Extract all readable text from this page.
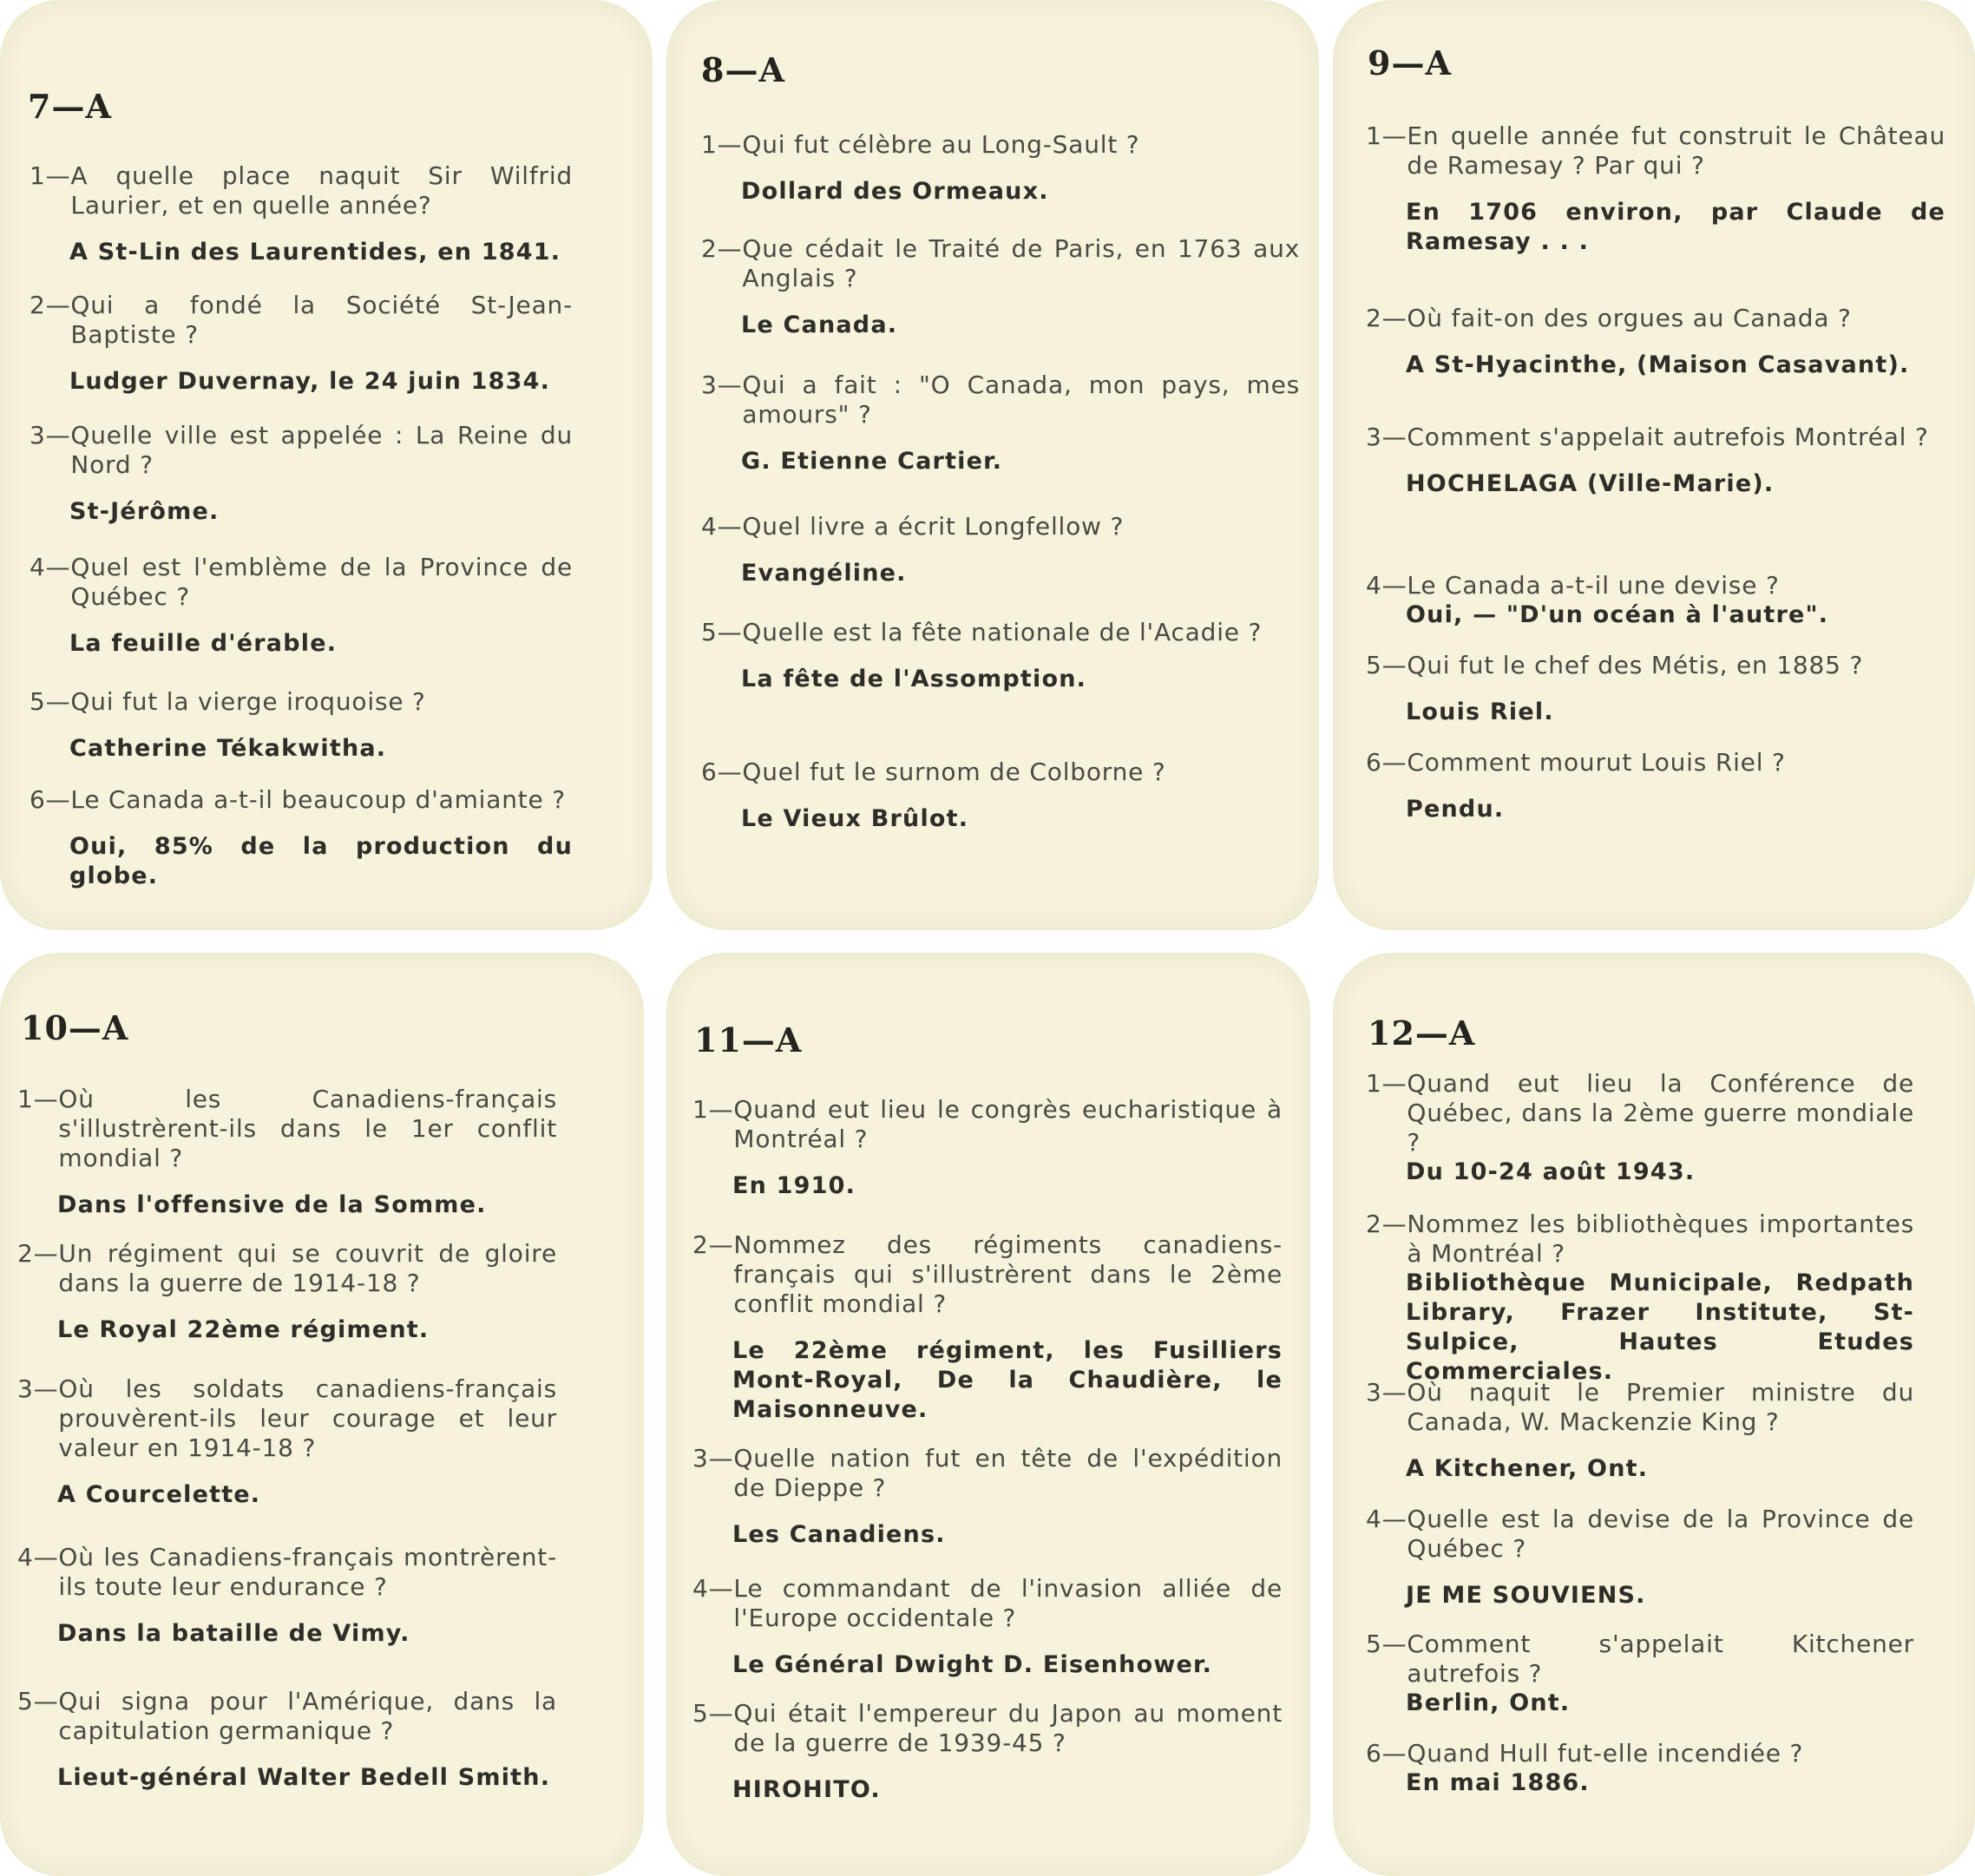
7—A
1— A quelle place naquit Sir Wilfrid Laurier, et en quelle année?
A St-Lin des Laurentides, en 1841.
2— Qui a fondé la Société St-Jean- Baptiste ?
Ludger Duvernay, le 24 juin 1834.
3— Quelle ville est appelée : La Reine du Nord ?
St-Jérôme.
4— Quel est l'emblème de la Province de Québec ?
La feuille d'érable.
5— Qui fut la vierge iroquoise ?
Catherine Tékakwitha.
6— Le Canada a-t-il beaucoup d'amiante ?
Oui, 85% de la production du globe.
8—A
1— Qui fut célèbre au Long-Sault ?
Dollard des Ormeaux.
2— Que cédait le Traité de Paris, en 1763 aux Anglais ?
Le Canada.
3— Qui a fait : "O Canada, mon pays, mes amours" ?
G. Etienne Cartier.
4— Quel livre a écrit Longfellow ?
Evangéline.
5— Quelle est la fête nationale de l'Acadie ?
La fête de l'Assomption.
6— Quel fut le surnom de Colborne ?
Le Vieux Brûlot.
9—A
1— En quelle année fut construit le Château de Ramesay ? Par qui ?
En 1706 environ, par Claude de Ramesay . . .
2— Où fait-on des orgues au Canada ?
A St-Hyacinthe, (Maison Casavant).
3— Comment s'appelait autrefois Montréal ?
HOCHELAGA (Ville-Marie).
4— Le Canada a-t-il une devise ?
Oui, — "D'un océan à l'autre".
5— Qui fut le chef des Métis, en 1885 ?
Louis Riel.
6— Comment mourut Louis Riel ?
Pendu.
10—A
1— Où les Canadiens-français s'illustrèrent-ils dans le 1er conflit mondial ?
Dans l'offensive de la Somme.
2— Un régiment qui se couvrit de gloire dans la guerre de 1914-18 ?
Le Royal 22ème régiment.
3— Où les soldats canadiens-français prouvèrent-ils leur courage et leur valeur en 1914-18 ?
A Courcelette.
4— Où les Canadiens-français montrèrent-ils toute leur endurance ?
Dans la bataille de Vimy.
5— Qui signa pour l'Amérique, dans la capitulation germanique ?
Lieut-général Walter Bedell Smith.
11—A
1— Quand eut lieu le congrès eucharistique à Montréal ?
En 1910.
2— Nommez des régiments canadiens-français qui s'illustrèrent dans le 2ème conflit mondial ?
Le 22ème régiment, les Fusilliers Mont-Royal, De la Chaudière, le Maisonneuve.
3— Quelle nation fut en tête de l'expédition de Dieppe ?
Les Canadiens.
4— Le commandant de l'invasion alliée de l'Europe occidentale ?
Le Général Dwight D. Eisenhower.
5— Qui était l'empereur du Japon au moment de la guerre de 1939-45 ?
HIROHITO.
12—A
1— Quand eut lieu la Conférence de Québec, dans la 2ème guerre mondiale ?
Du 10-24 août 1943.
2— Nommez les bibliothèques importantes à Montréal ?
Bibliothèque Municipale, Redpath Library, Frazer Institute, St-Sulpice, Hautes Etudes Commerciales.
3— Où naquit le Premier ministre du Canada, W. Mackenzie King ?
A Kitchener, Ont.
4— Quelle est la devise de la Province de Québec ?
JE ME SOUVIENS.
5— Comment s'appelait Kitchener autrefois ?
Berlin, Ont.
6— Quand Hull fut-elle incendiée ?
En mai 1886.
